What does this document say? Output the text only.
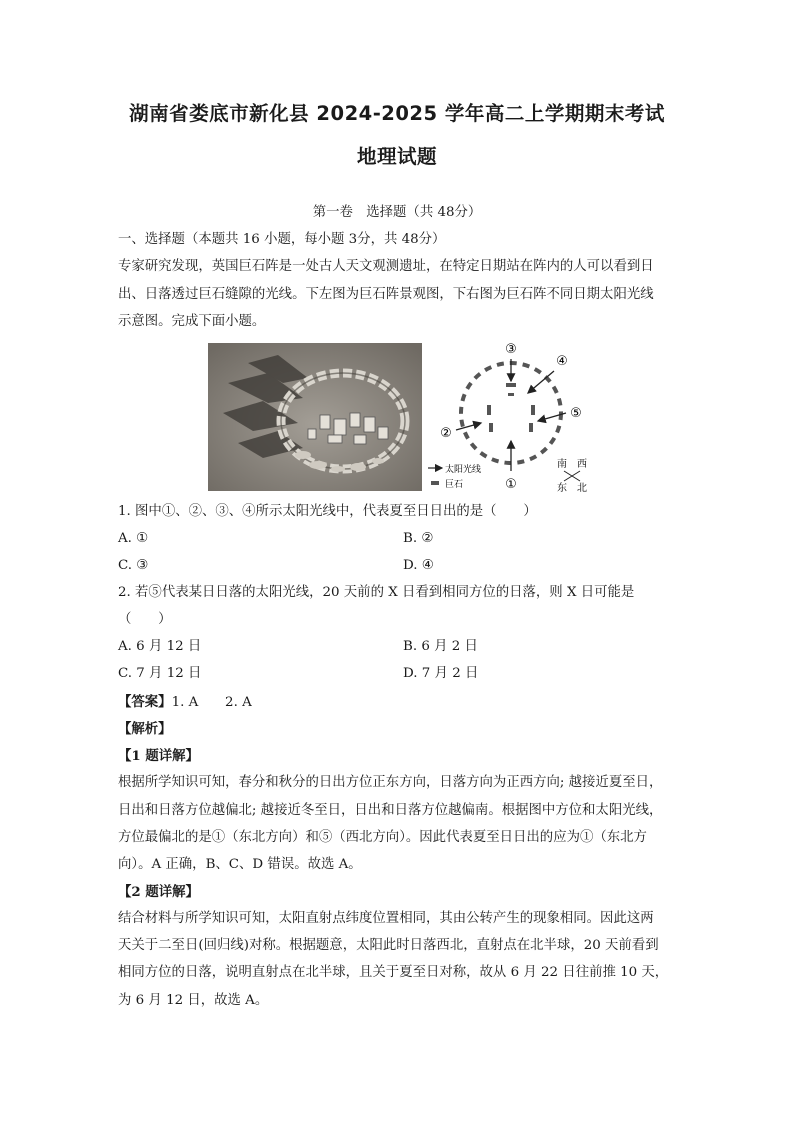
湖南省娄底市新化县 2024-2025 学年高二上学期期末考试
地理试题
第一卷　选择题（共 48分）
一、选择题（本题共 16 小题，每小题 3分，共 48分）
专家研究发现，英国巨石阵是一处古人天文观测遗址，在特定日期站在阵内的人可以看到日
出、日落透过巨石缝隙的光线。下左图为巨石阵景观图，下右图为巨石阵不同日期太阳光线
示意图。完成下面小题。
③
④
②
⑤
①
太阳光线
巨石
南 西
东 北
1. 图中①、②、③、④所示太阳光线中，代表夏至日日出的是（　　）
A. ①	B. ②
C. ③	D. ④
2. 若⑤代表某日日落的太阳光线，20 天前的 X 日看到相同方位的日落，则 X 日可能是
（　　）
A. 6 月 12 日	B. 6 月 2 日
C. 7 月 12 日	D. 7 月 2 日
【答案】1. A　　2. A
【解析】
【1 题详解】
根据所学知识可知，春分和秋分的日出方位正东方向，日落方向为正西方向; 越接近夏至日，
日出和日落方位越偏北; 越接近冬至日，日出和日落方位越偏南。根据图中方位和太阳光线，
方位最偏北的是①（东北方向）和⑤（西北方向）。因此代表夏至日日出的应为①（东北方
向）。A 正确，B、C、D 错误。故选 A。
【2 题详解】
结合材料与所学知识可知，太阳直射点纬度位置相同，其由公转产生的现象相同。因此这两
天关于二至日(回归线)对称。根据题意，太阳此时日落西北，直射点在北半球，20 天前看到
相同方位的日落，说明直射点在北半球，且关于夏至日对称，故从 6 月 22 日往前推 10 天，
为 6 月 12 日，故选 A。
